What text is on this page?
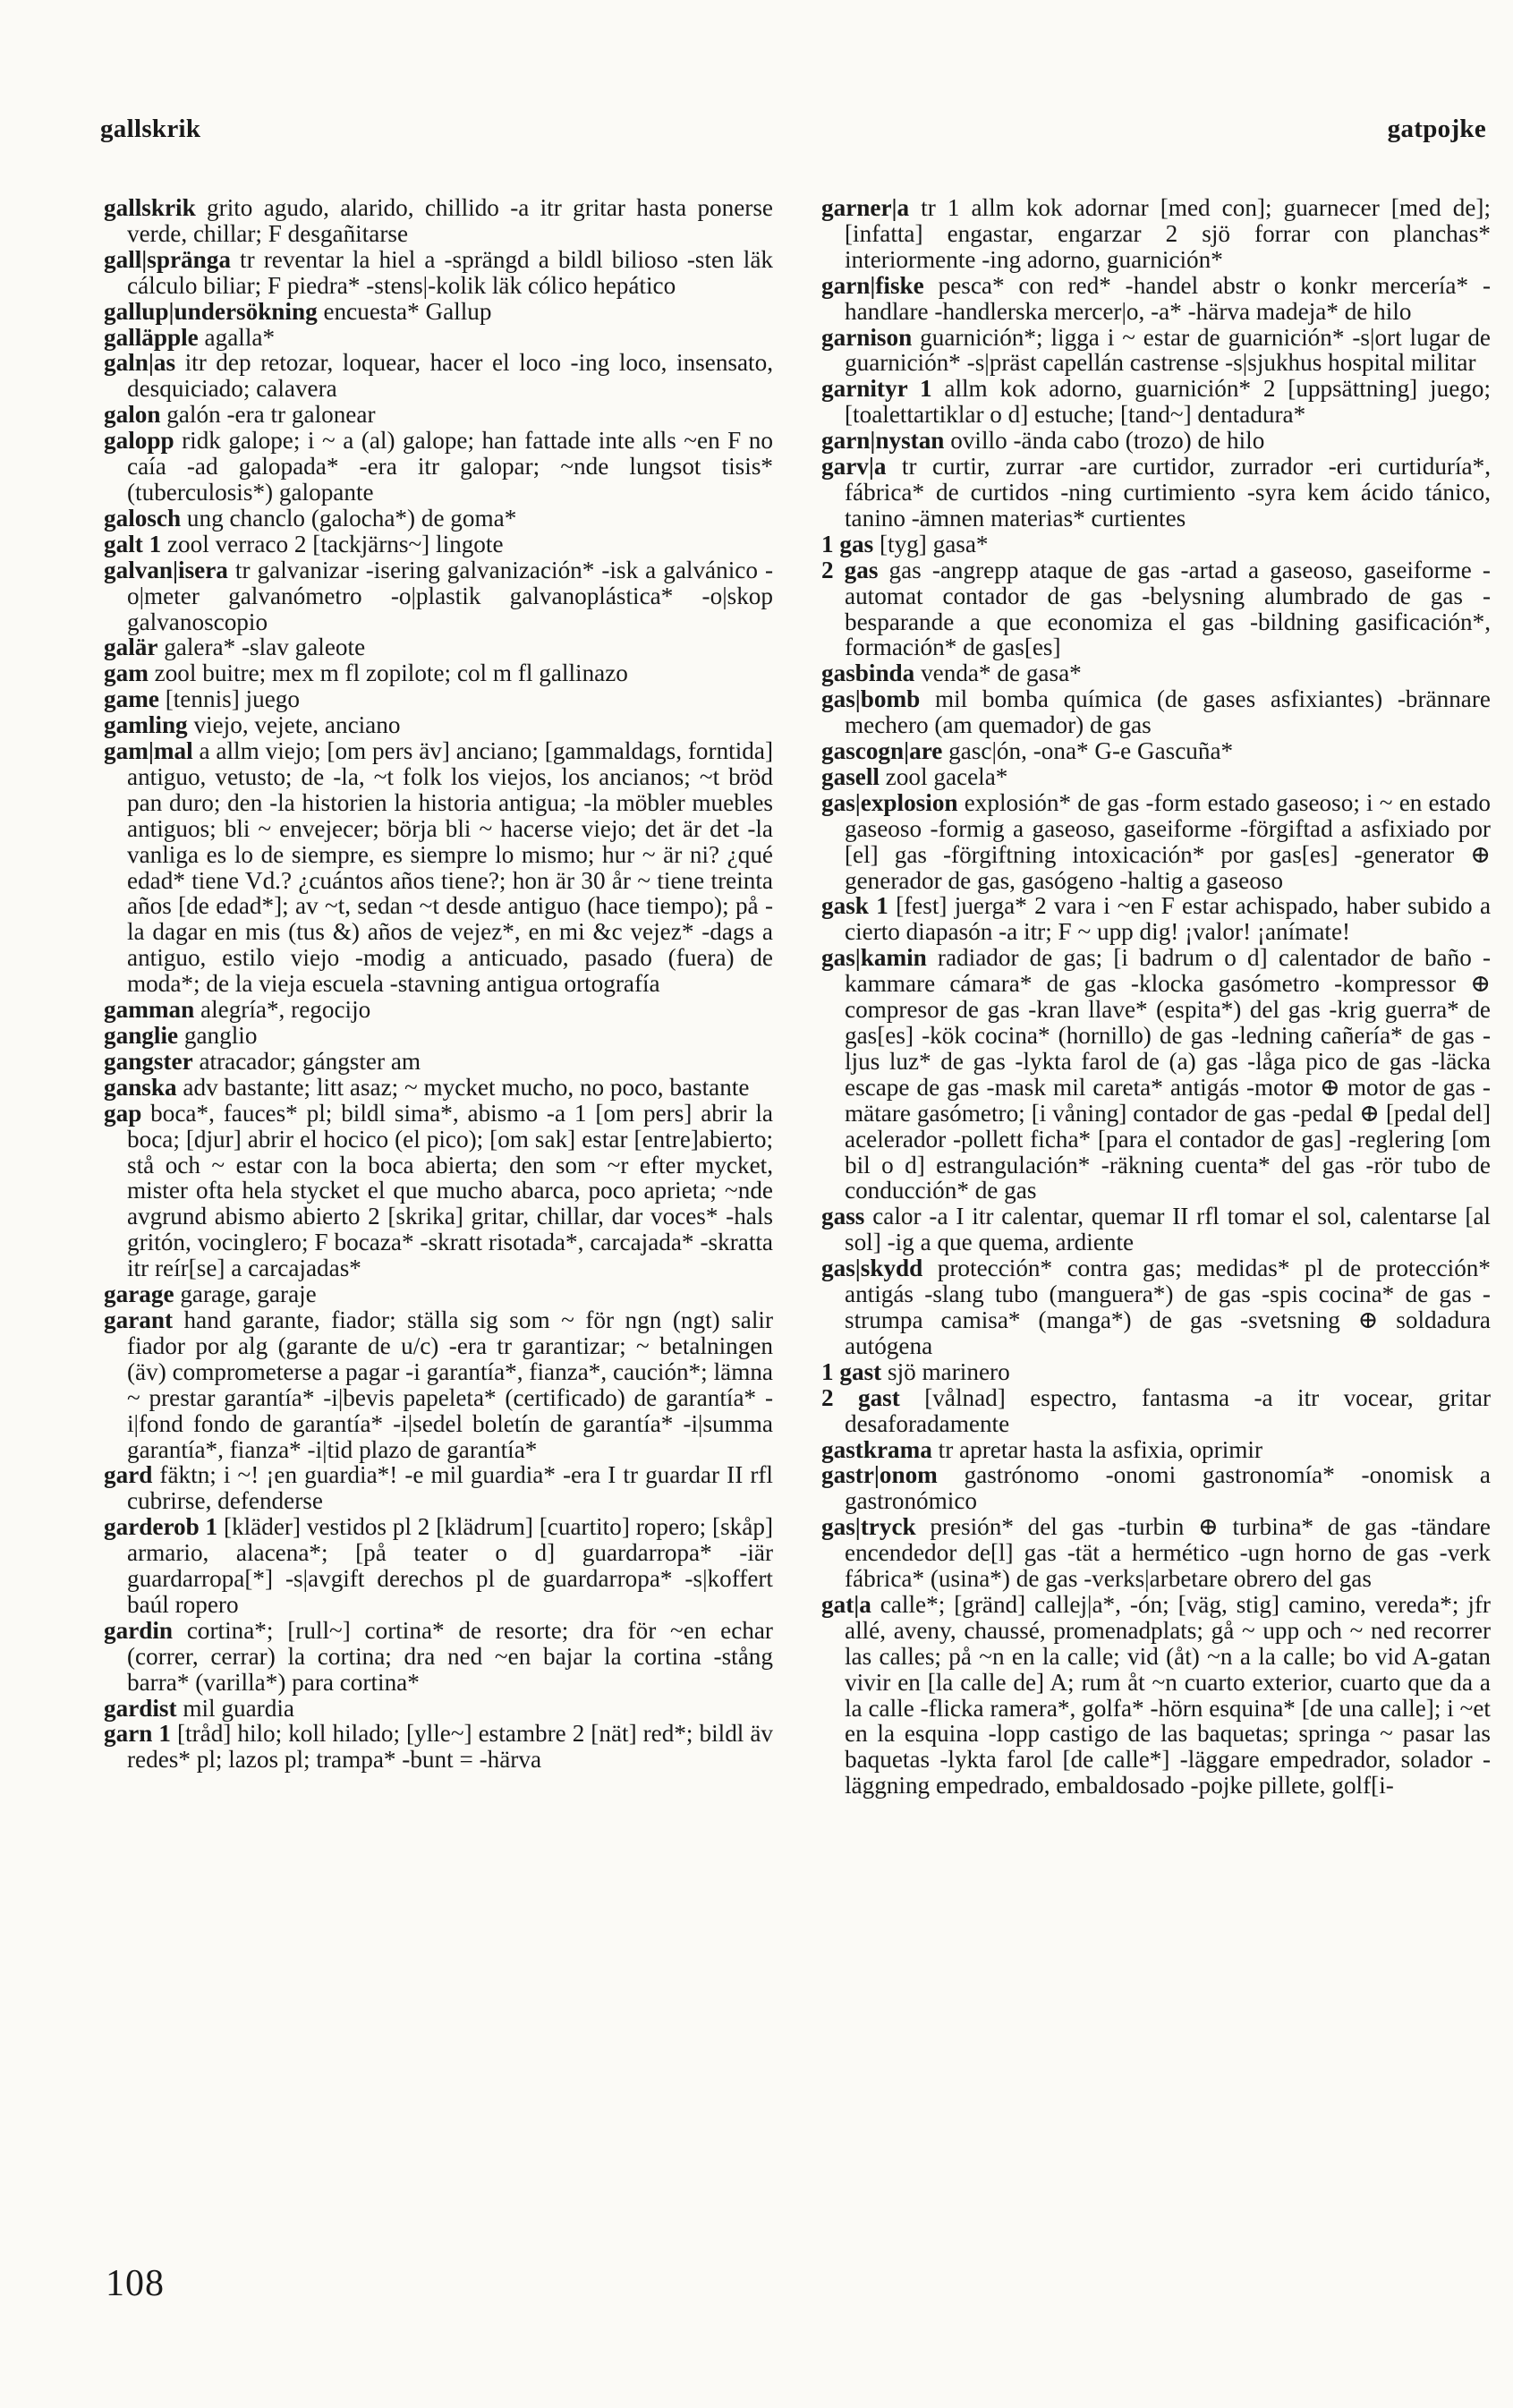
gallskrik	gatpojke

gallskrik grito agudo, alarido, chillido -a itr gritar hasta ponerse verde, chillar; F desgañitarse

gall|spränga tr reventar la hiel a -sprängd a bildl bilioso -sten läk cálculo biliar; F piedra* -stens|-kolik läk cólico hepático

gallup|undersökning encuesta* Gallup

galläpple agalla*

galn|as itr dep retozar, loquear, hacer el loco -ing loco, insensato, desquiciado; calavera

galon galón -era tr galonear

galopp ridk galope; i ~ a (al) galope; han fattade inte alls ~en F no caía -ad galopada* -era itr galopar; ~nde lungsot tisis* (tuberculosis*) galopante

galosch ung chanclo (galocha*) de goma*

galt 1 zool verraco 2 [tackjärns~] lingote

galvan|isera tr galvanizar -isering galvanización* -isk a galvánico -o|meter galvanómetro -o|plastik galvanoplástica* -o|skop galvanoscopio

galär galera* -slav galeote

gam zool buitre; mex m fl zopilote; col m fl gallinazo

game [tennis] juego

gamling viejo, vejete, anciano

gam|mal a allm viejo; [om pers äv] anciano; [gammaldags, forntida] antiguo, vetusto; de -la, ~t folk los viejos, los ancianos; ~t bröd pan duro; den -la historien la historia antigua; -la möbler muebles antiguos; bli ~ envejecer; börja bli ~ hacerse viejo; det är det -la vanliga es lo de siempre, es siempre lo mismo; hur ~ är ni? ¿qué edad* tiene Vd.? ¿cuántos años tiene?; hon är 30 år ~ tiene treinta años [de edad*]; av ~t, sedan ~t desde antiguo (hace tiempo); på -la dagar en mis (tus &) años de vejez*, en mi &c vejez* -dags a antiguo, estilo viejo -modig a anticuado, pasado (fuera) de moda*; de la vieja escuela -stavning antigua ortografía

gamman alegría*, regocijo

ganglie ganglio

gangster atracador; gángster am

ganska adv bastante; litt asaz; ~ mycket mucho, no poco, bastante

gap boca*, fauces* pl; bildl sima*, abismo -a 1 [om pers] abrir la boca; [djur] abrir el hocico (el pico); [om sak] estar [entre]abierto; stå och ~ estar con la boca abierta; den som ~r efter mycket, mister ofta hela stycket el que mucho abarca, poco aprieta; ~nde avgrund abismo abierto 2 [skrika] gritar, chillar, dar voces* -hals gritón, vocinglero; F bocaza* -skratt risotada*, carcajada* -skratta itr reír[se] a carcajadas*

garage garage, garaje

garant hand garante, fiador; ställa sig som ~ för ngn (ngt) salir fiador por alg (garante de u/c) -era tr garantizar; ~ betalningen (äv) comprometerse a pagar -i garantía*, fianza*, caución*; lämna ~ prestar garantía* -i|bevis papeleta* (certificado) de garantía* -i|fond fondo de garantía* -i|sedel boletín de garantía* -i|summa garantía*, fianza* -i|tid plazo de garantía*

gard fäktn; i ~! ¡en guardia*! -e mil guardia* -era I tr guardar II rfl cubrirse, defenderse

garderob 1 [kläder] vestidos pl 2 [klädrum] [cuartito] ropero; [skåp] armario, alacena*; [på teater o d] guardarropa* -iär guardarropa[*] -s|avgift derechos pl de guardarropa* -s|koffert baúl ropero

gardin cortina*; [rull~] cortina* de resorte; dra för ~en echar (correr, cerrar) la cortina; dra ned ~en bajar la cortina -stång barra* (varilla*) para cortina*

gardist mil guardia

garn 1 [tråd] hilo; koll hilado; [ylle~] estambre 2 [nät] red*; bildl äv redes* pl; lazos pl; trampa* -bunt = -härva

garner|a tr 1 allm kok adornar [med con]; guarnecer [med de]; [infatta] engastar, engarzar 2 sjö forrar con planchas* interiormente -ing adorno, guarnición*

garn|fiske pesca* con red* -handel abstr o konkr mercería* -handlare -handlerska mercer|o, -a* -härva madeja* de hilo

garnison guarnición*; ligga i ~ estar de guarnición* -s|ort lugar de guarnición* -s|präst capellán castrense -s|sjukhus hospital militar

garnityr 1 allm kok adorno, guarnición* 2 [uppsättning] juego; [toalettartiklar o d] estuche; [tand~] dentadura*

garn|nystan ovillo -ända cabo (trozo) de hilo

garv|a tr curtir, zurrar -are curtidor, zurrador -eri curtiduría*, fábrica* de curtidos -ning curtimiento -syra kem ácido tánico, tanino -ämnen materias* curtientes

1 gas [tyg] gasa*

2 gas gas -angrepp ataque de gas -artad a gaseoso, gaseiforme -automat contador de gas -belysning alumbrado de gas -besparande a que economiza el gas -bildning gasificación*, formación* de gas[es]

gasbinda venda* de gasa*

gas|bomb mil bomba química (de gases asfixiantes) -brännare mechero (am quemador) de gas

gascogn|are gasc|ón, -ona* G-e Gascuña*

gasell zool gacela*

gas|explosion explosión* de gas -form estado gaseoso; i ~ en estado gaseoso -formig a gaseoso, gaseiforme -förgiftad a asfixiado por [el] gas -förgiftning intoxicación* por gas[es] -generator ⊕ generador de gas, gasógeno -haltig a gaseoso

gask 1 [fest] juerga* 2 vara i ~en F estar achispado, haber subido a cierto diapasón -a itr; F ~ upp dig! ¡valor! ¡anímate!

gas|kamin radiador de gas; [i badrum o d] calentador de baño -kammare cámara* de gas -klocka gasómetro -kompressor ⊕ compresor de gas -kran llave* (espita*) del gas -krig guerra* de gas[es] -kök cocina* (hornillo) de gas -ledning cañería* de gas -ljus luz* de gas -lykta farol de (a) gas -låga pico de gas -läcka escape de gas -mask mil careta* antigás -motor ⊕ motor de gas -mätare gasómetro; [i våning] contador de gas -pedal ⊕ [pedal del] acelerador -pollett ficha* [para el contador de gas] -reglering [om bil o d] estrangulación* -räkning cuenta* del gas -rör tubo de conducción* de gas

gass calor -a I itr calentar, quemar II rfl tomar el sol, calentarse [al sol] -ig a que quema, ardiente

gas|skydd protección* contra gas; medidas* pl de protección* antigás -slang tubo (manguera*) de gas -spis cocina* de gas -strumpa camisa* (manga*) de gas -svetsning ⊕ soldadura autógena

1 gast sjö marinero

2 gast [vålnad] espectro, fantasma -a itr vocear, gritar desaforadamente

gastkrama tr apretar hasta la asfixia, oprimir

gastr|onom gastrónomo -onomi gastronomía* -onomisk a gastronómico

gas|tryck presión* del gas -turbin ⊕ turbina* de gas -tändare encendedor de[l] gas -tät a hermético -ugn horno de gas -verk fábrica* (usina*) de gas -verks|arbetare obrero del gas

gat|a calle*; [gränd] callej|a*, -ón; [väg, stig] camino, vereda*; jfr allé, aveny, chaussé, promenadplats; gå ~ upp och ~ ned recorrer las calles; på ~n en la calle; vid (åt) ~n a la calle; bo vid A-gatan vivir en [la calle de] A; rum åt ~n cuarto exterior, cuarto que da a la calle -flicka ramera*, golfa* -hörn esquina* [de una calle]; i ~et en la esquina -lopp castigo de las baquetas; springa ~ pasar las baquetas -lykta farol [de calle*] -läggare empedrador, solador -läggning empedrado, embaldosado -pojke pillete, golf[i-

108
